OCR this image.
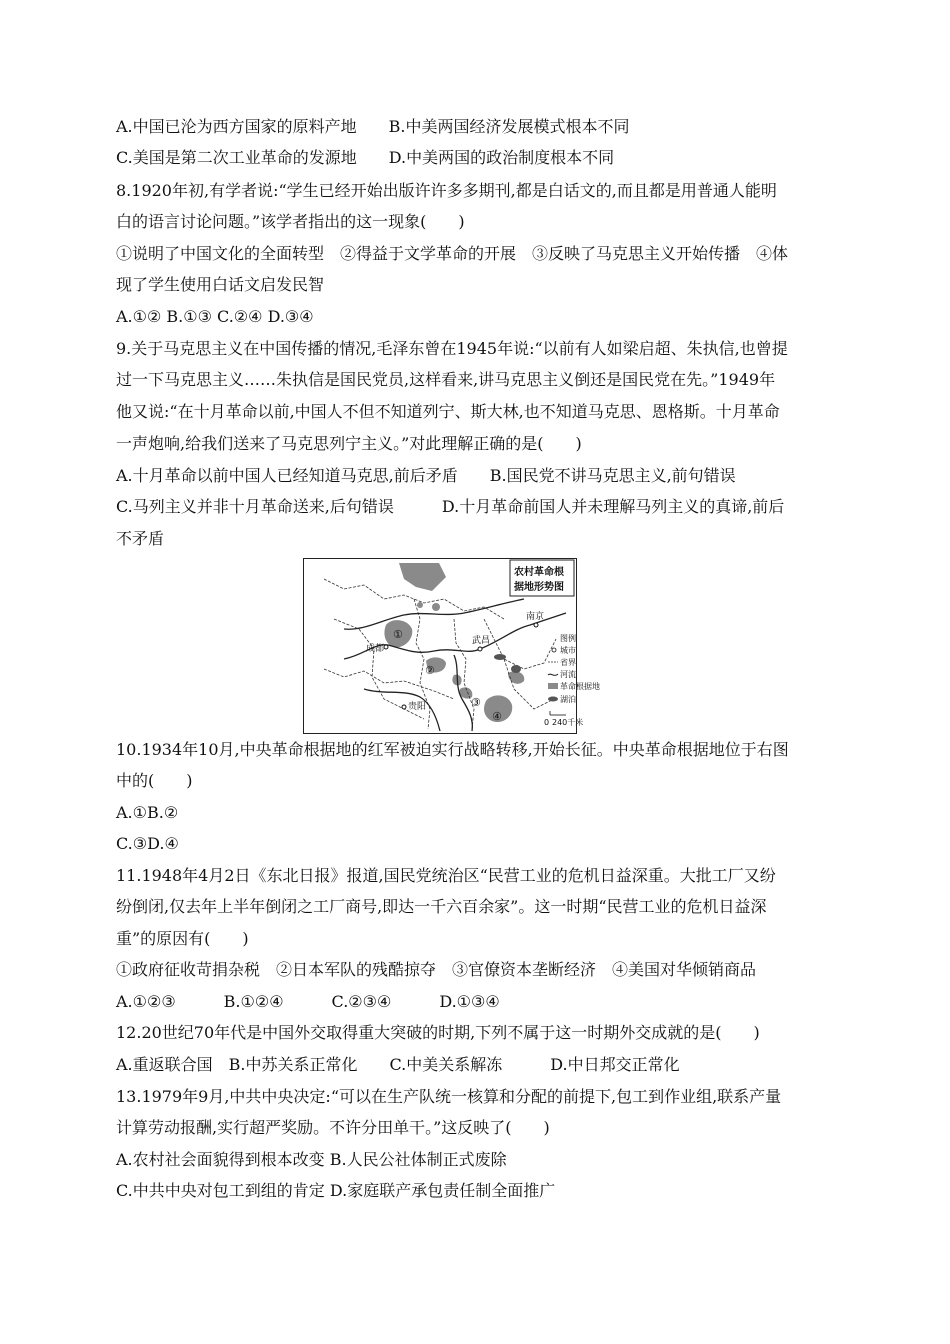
A.中国已沦为西方国家的原料产地　　B.中美两国经济发展模式根本不同
C.美国是第二次工业革命的发源地　　D.中美两国的政治制度根本不同
8.1920年初,有学者说:“学生已经开始出版许许多多期刊,都是白话文的,而且都是用普通人能明
白的语言讨论问题。”该学者指出的这一现象(　　)
①说明了中国文化的全面转型　②得益于文学革命的开展　③反映了马克思主义开始传播　④体
现了学生使用白话文启发民智
A.①② B.①③ C.②④ D.③④
9.关于马克思主义在中国传播的情况,毛泽东曾在1945年说:“以前有人如梁启超、朱执信,也曾提
过一下马克思主义……朱执信是国民党员,这样看来,讲马克思主义倒还是国民党在先。”1949年
他又说:“在十月革命以前,中国人不但不知道列宁、斯大林,也不知道马克思、恩格斯。十月革命
一声炮响,给我们送来了马克思列宁主义。”对此理解正确的是(　　)
A.十月革命以前中国人已经知道马克思,前后矛盾　　B.国民党不讲马克思主义,前句错误
C.马列主义并非十月革命送来,后句错误　　　D.十月革命前国人并未理解马列主义的真谛,前后
不矛盾
10.1934年10月,中央革命根据地的红军被迫实行战略转移,开始长征。中央革命根据地位于右图
中的(　　)
A.①B.②
C.③D.④
11.1948年4月2日《东北日报》报道,国民党统治区“民营工业的危机日益深重。大批工厂又纷
纷倒闭,仅去年上半年倒闭之工厂商号,即达一千六百余家”。这一时期“民营工业的危机日益深
重”的原因有(　　)
①政府征收苛捐杂税　②日本军队的残酷掠夺　③官僚资本垄断经济　④美国对华倾销商品
A.①②③　　　B.①②④　　　C.②③④　　　D.①③④
12.20世纪70年代是中国外交取得重大突破的时期,下列不属于这一时期外交成就的是(　　)
A.重返联合国　B.中苏关系正常化　　C.中美关系解冻　　　D.中日邦交正常化
13.1979年9月,中共中央决定:“可以在生产队统一核算和分配的前提下,包工到作业组,联系产量
计算劳动报酬,实行超严奖励。不许分田单干。”这反映了(　　)
A.农村社会面貌得到根本改变 B.人民公社体制正式废除
C.中共中央对包工到组的肯定 D.家庭联产承包责任制全面推广
成都
武昌
南京
贵阳
①
②
③
④
农村革命根
据地形势图
图例
城市
省界
河流
革命根据地
湖泊
0 240千米
